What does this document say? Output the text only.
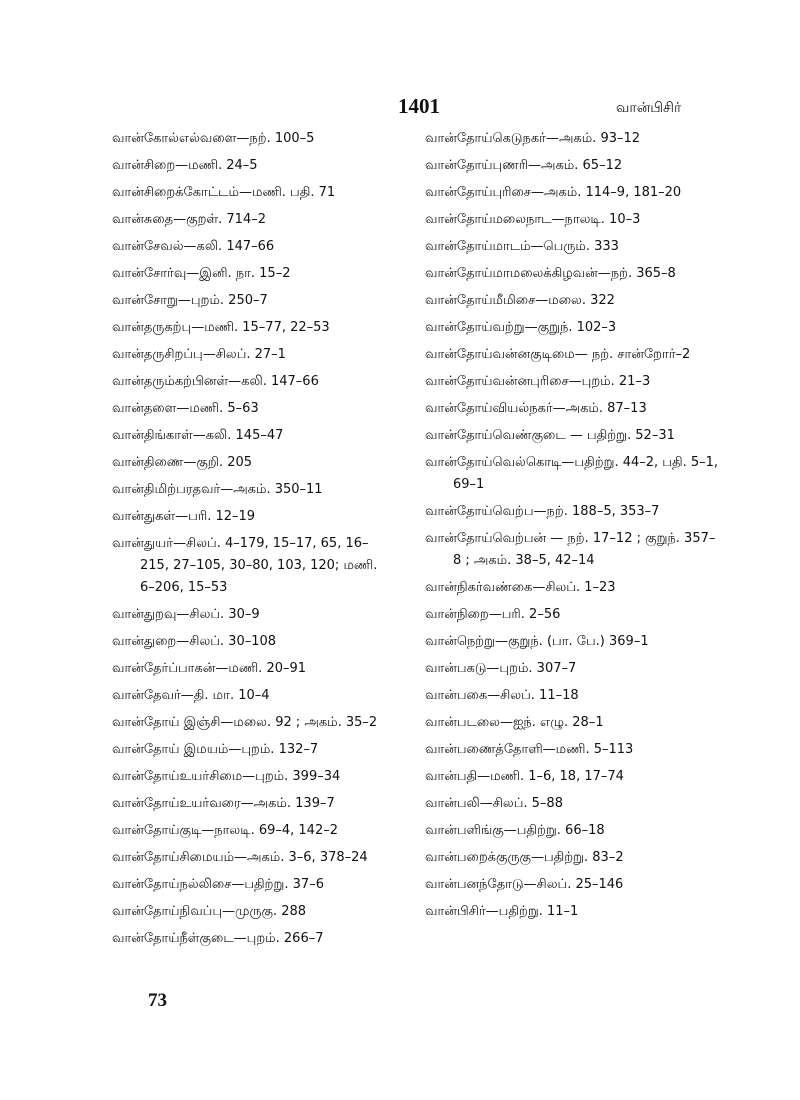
1401	வான்பிசிர்
வான்கோல்எல்வளை—நற். 100–5
வான்சிறை—மணி. 24–5
வான்சிறைக்கோட்டம்—மணி. பதி. 71
வான்சுதை—குறள். 714–2
வான்சேவல்—கலி. 147–66
வான்சோர்வு—இனி. நா. 15–2
வான்சோறு—புறம். 250–7
வான்தருகற்பு—மணி. 15–77, 22–53
வான்தருசிறப்பு—சிலப். 27–1
வான்தரும்கற்பினள்—கலி. 147–66
வான்தளை—மணி. 5–63
வான்திங்காள்—கலி. 145–47
வான்திணை—குறி. 205
வான்திமிற்பரதவர்—அகம். 350–11
வான்துகள்—பரி. 12–19
வான்துயர்—சிலப். 4–179, 15–17, 65, 16–215, 27–105, 30–80, 103, 120; மணி. 6–206, 15–53
வான்துறவு—சிலப். 30–9
வான்துறை—சிலப். 30–108
வான்தேர்ப்பாகன்—மணி. 20–91
வான்தேவர்—தி. மா. 10–4
வான்தோய் இஞ்சி—மலை. 92 ; அகம். 35–2
வான்தோய் இமயம்—புறம். 132–7
வான்தோய்உயர்சிமை—புறம். 399–34
வான்தோய்உயர்வரை—அகம். 139–7
வான்தோய்குடி—நாலடி. 69–4, 142–2
வான்தோய்சிமையம்—அகம். 3–6, 378–24
வான்தோய்நல்லிசை—பதிற்று. 37–6
வான்தோய்நிவப்பு—முருகு. 288
வான்தோய்நீள்குடை—புறம். 266–7
வான்தோய்கெடுநகர்—அகம். 93–12
வான்தோய்புணரி—அகம். 65–12
வான்தோய்புரிசை—அகம். 114–9, 181–20
வான்தோய்மலைநாட—நாலடி. 10–3
வான்தோய்மாடம்—பெரும். 333
வான்தோய்மாமலைக்கிழவன்—நற். 365–8
வான்தோய்மீமிசை—மலை. 322
வான்தோய்வற்று—குறுந். 102–3
வான்தோய்வன்னகுடிமை— நற். சான்றோர்–2
வான்தோய்வன்னபுரிசை—புறம். 21–3
வான்தோய்வியல்நகர்—அகம். 87–13
வான்தோய்வெண்குடை — பதிற்று. 52–31
வான்தோய்வெல்கொடி—பதிற்று. 44–2, பதி. 5–1, 69–1
வான்தோய்வெற்ப—நற். 188–5, 353–7
வான்தோய்வெற்பன் — நற். 17–12 ; குறுந். 357–8 ; அகம். 38–5, 42–14
வான்நிகர்வண்கை—சிலப். 1–23
வான்நிறை—பரி. 2–56
வான்நெற்று—குறுந். (பா. பே.) 369–1
வான்பகடு—புறம். 307–7
வான்பகை—சிலப். 11–18
வான்படலை—ஐந். எழு. 28–1
வான்பணைத்தோளி—மணி. 5–113
வான்பதி—மணி. 1–6, 18, 17–74
வான்பலி—சிலப். 5–88
வான்பளிங்கு—பதிற்று. 66–18
வான்பறைக்குருகு—பதிற்று. 83–2
வான்பனந்தோடு—சிலப். 25–146
வான்பிசிர்—பதிற்று. 11–1
73
